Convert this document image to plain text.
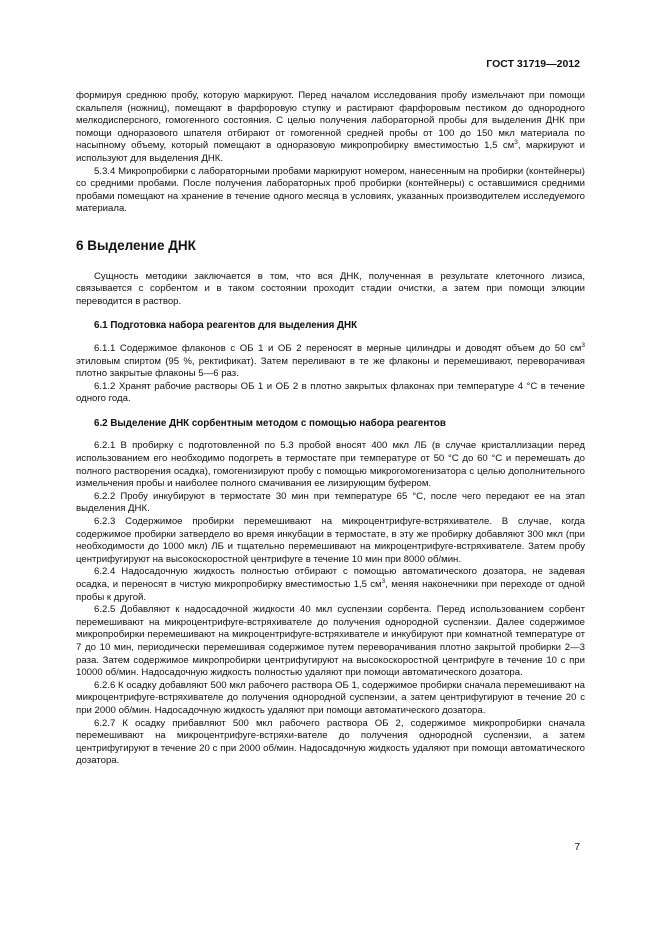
ГОСТ 31719—2012

формируя среднюю пробу, которую маркируют. Перед началом исследования пробу измельчают при помощи скальпеля (ножниц), помещают в фарфоровую ступку и растирают фарфоровым пестиком до однородного мелкодисперсного, гомогенного состояния. С целью получения лабораторной пробы для выделения ДНК при помощи одноразового шпателя отбирают от гомогенной средней пробы от 100 до 150 мкл материала по насыпному объему, который помещают в одноразовую микропробирку вместимостью 1,5 $см^3$, маркируют и используют для выделения ДНК.

5.3.4 Микропробирки с лабораторными пробами маркируют номером, нанесенным на пробирки (контейнеры) со средними пробами. После получения лабораторных проб пробирки (контейнеры) с оставшимися средними пробами помещают на хранение в течение одного месяца в условиях, указанных производителем исследуемого материала.

6 Выделение ДНК

Сущность методики заключается в том, что вся ДНК, полученная в результате клеточного лизиса, связывается с сорбентом и в таком состоянии проходит стадии очистки, а затем при помощи элюции переводится в раствор.

6.1 Подготовка набора реагентов для выделения ДНК

6.1.1 Содержимое флаконов с ОБ 1 и ОБ 2 переносят в мерные цилиндры и доводят объем до 50 $см^3$ этиловым спиртом (95 %, ректификат). Затем переливают в те же флаконы и перемешивают, переворачивая плотно закрытые флаконы 5—6 раз.

6.1.2 Хранят рабочие растворы ОБ 1 и ОБ 2 в плотно закрытых флаконах при температуре 4 °С в течение одного года.

6.2 Выделение ДНК сорбентным методом с помощью набора реагентов

6.2.1 В пробирку с подготовленной по 5.3 пробой вносят 400 мкл ЛБ (в случае кристаллизации перед использованием его необходимо подогреть в термостате при температуре от 50 °С до 60 °С и перемешать до полного растворения осадка), гомогенизируют пробу с помощью микрогомогенизатора с целью дополнительного измельчения пробы и наиболее полного смачивания ее лизирующим буфером.

6.2.2 Пробу инкубируют в термостате 30 мин при температуре 65 °С, после чего передают ее на этап выделения ДНК.

6.2.3 Содержимое пробирки перемешивают на микроцентрифуге-встряхивателе. В случае, когда содержимое пробирки затвердело во время инкубации в термостате, в эту же пробирку добавляют 300 мкл (при необходимости до 1000 мкл) ЛБ и тщательно перемешивают на микроцентрифуге-встряхивателе. Затем пробу центрифугируют на высокоскоростной центрифуге в течение 10 мин при 8000 об/мин.

6.2.4 Надосадочную жидкость полностью отбирают с помощью автоматического дозатора, не задевая осадка, и переносят в чистую микропробирку вместимостью 1,5 $см^3$, меняя наконечники при переходе от одной пробы к другой.

6.2.5 Добавляют к надосадочной жидкости 40 мкл суспензии сорбента. Перед использованием сорбент перемешивают на микроцентрифуге-встряхивателе до получения однородной суспензии. Далее содержимое микропробирки перемешивают на микроцентрифуге-встряхивателе и инкубируют при комнатной температуре от 7 до 10 мин, периодически перемешивая содержимое путем переворачивания плотно закрытой пробирки 2—3 раза. Затем содержимое микропробирки центрифугируют на высокоскоростной центрифуге в течение 10 с при 10000 об/мин. Надосадочную жидкость полностью удаляют при помощи автоматического дозатора.

6.2.6 К осадку добавляют 500 мкл рабочего раствора ОБ 1, содержимое пробирки сначала перемешивают на микроцентрифуге-встряхивателе до получения однородной суспензии, а затем центрифугируют в течение 20 с при 2000 об/мин. Надосадочную жидкость удаляют при помощи автоматического дозатора.

6.2.7 К осадку прибавляют 500 мкл рабочего раствора ОБ 2, содержимое микропробирки сначала перемешивают на микроцентрифуге-встряхи-вателе до получения однородной суспензии, а затем центрифугируют в течение 20 с при 2000 об/мин. Надосадочную жидкость удаляют при помощи автоматического дозатора.

7
